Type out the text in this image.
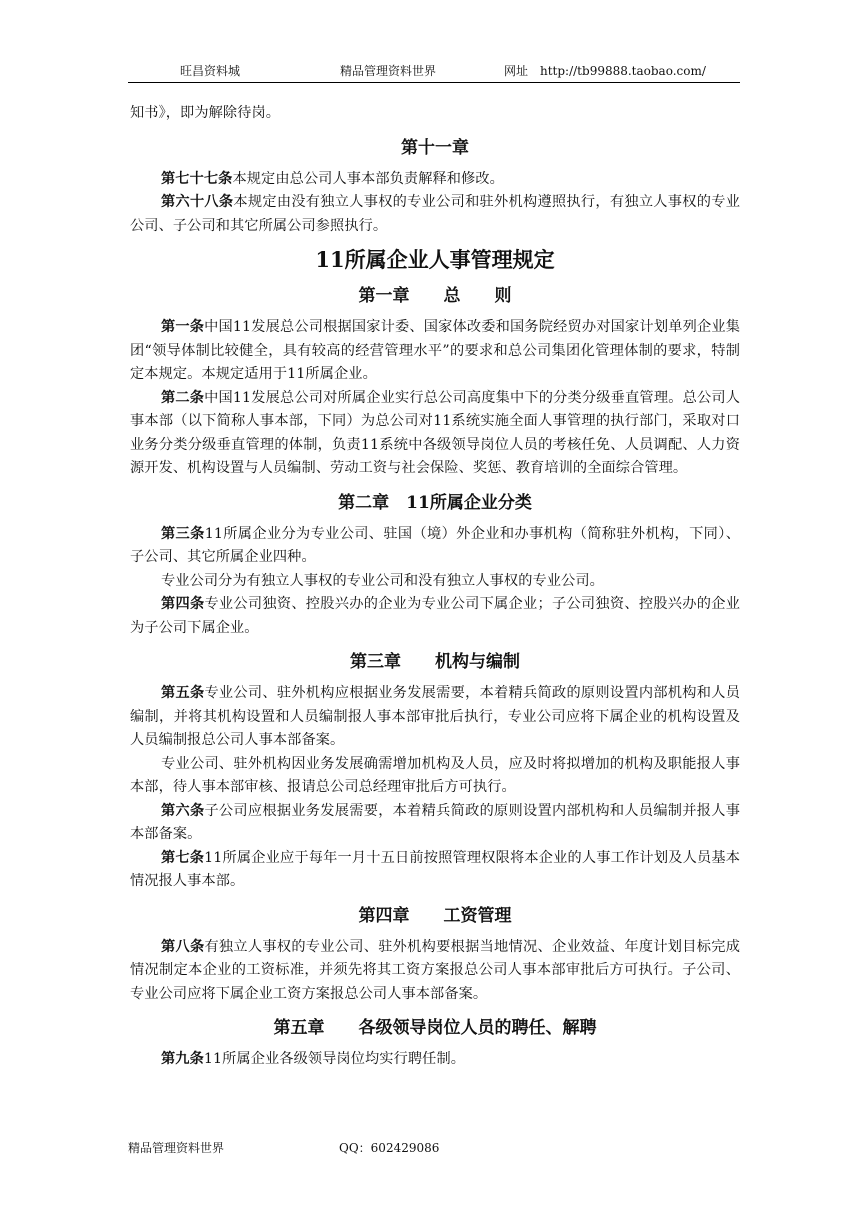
旺昌资料城	精品管理资料世界	网址　http://tb99888.taobao.com/

知书》，即为解除待岗。

第十一章

第七十七条本规定由总公司人事本部负责解释和修改。

第六十八条本规定由没有独立人事权的专业公司和驻外机构遵照执行，有独立人事权的专业公司、子公司和其它所属公司参照执行。

11所属企业人事管理规定
第一章　　总　　则

第一条中国11发展总公司根据国家计委、国家体改委和国务院经贸办对国家计划单列企业集团“领导体制比较健全，具有较高的经营管理水平”的要求和总公司集团化管理体制的要求，特制定本规定。本规定适用于11所属企业。

第二条中国11发展总公司对所属企业实行总公司高度集中下的分类分级垂直管理。总公司人事本部（以下简称人事本部，下同）为总公司对11系统实施全面人事管理的执行部门，采取对口业务分类分级垂直管理的体制，负责11系统中各级领导岗位人员的考核任免、人员调配、人力资源开发、机构设置与人员编制、劳动工资与社会保险、奖惩、教育培训的全面综合管理。

第二章　11所属企业分类

第三条11所属企业分为专业公司、驻国（境）外企业和办事机构（简称驻外机构，下同）、子公司、其它所属企业四种。

专业公司分为有独立人事权的专业公司和没有独立人事权的专业公司。

第四条专业公司独资、控股兴办的企业为专业公司下属企业；子公司独资、控股兴办的企业为子公司下属企业。

第三章　　机构与编制

第五条专业公司、驻外机构应根据业务发展需要，本着精兵简政的原则设置内部机构和人员编制，并将其机构设置和人员编制报人事本部审批后执行，专业公司应将下属企业的机构设置及人员编制报总公司人事本部备案。

专业公司、驻外机构因业务发展确需增加机构及人员，应及时将拟增加的机构及职能报人事本部，待人事本部审核、报请总公司总经理审批后方可执行。

第六条子公司应根据业务发展需要，本着精兵简政的原则设置内部机构和人员编制并报人事本部备案。

第七条11所属企业应于每年一月十五日前按照管理权限将本企业的人事工作计划及人员基本情况报人事本部。

第四章　　工资管理

第八条有独立人事权的专业公司、驻外机构要根据当地情况、企业效益、年度计划目标完成情况制定本企业的工资标准，并须先将其工资方案报总公司人事本部审批后方可执行。子公司、专业公司应将下属企业工资方案报总公司人事本部备案。

第五章　　各级领导岗位人员的聘任、解聘

第九条11所属企业各级领导岗位均实行聘任制。

精品管理资料世界	QQ：602429086
